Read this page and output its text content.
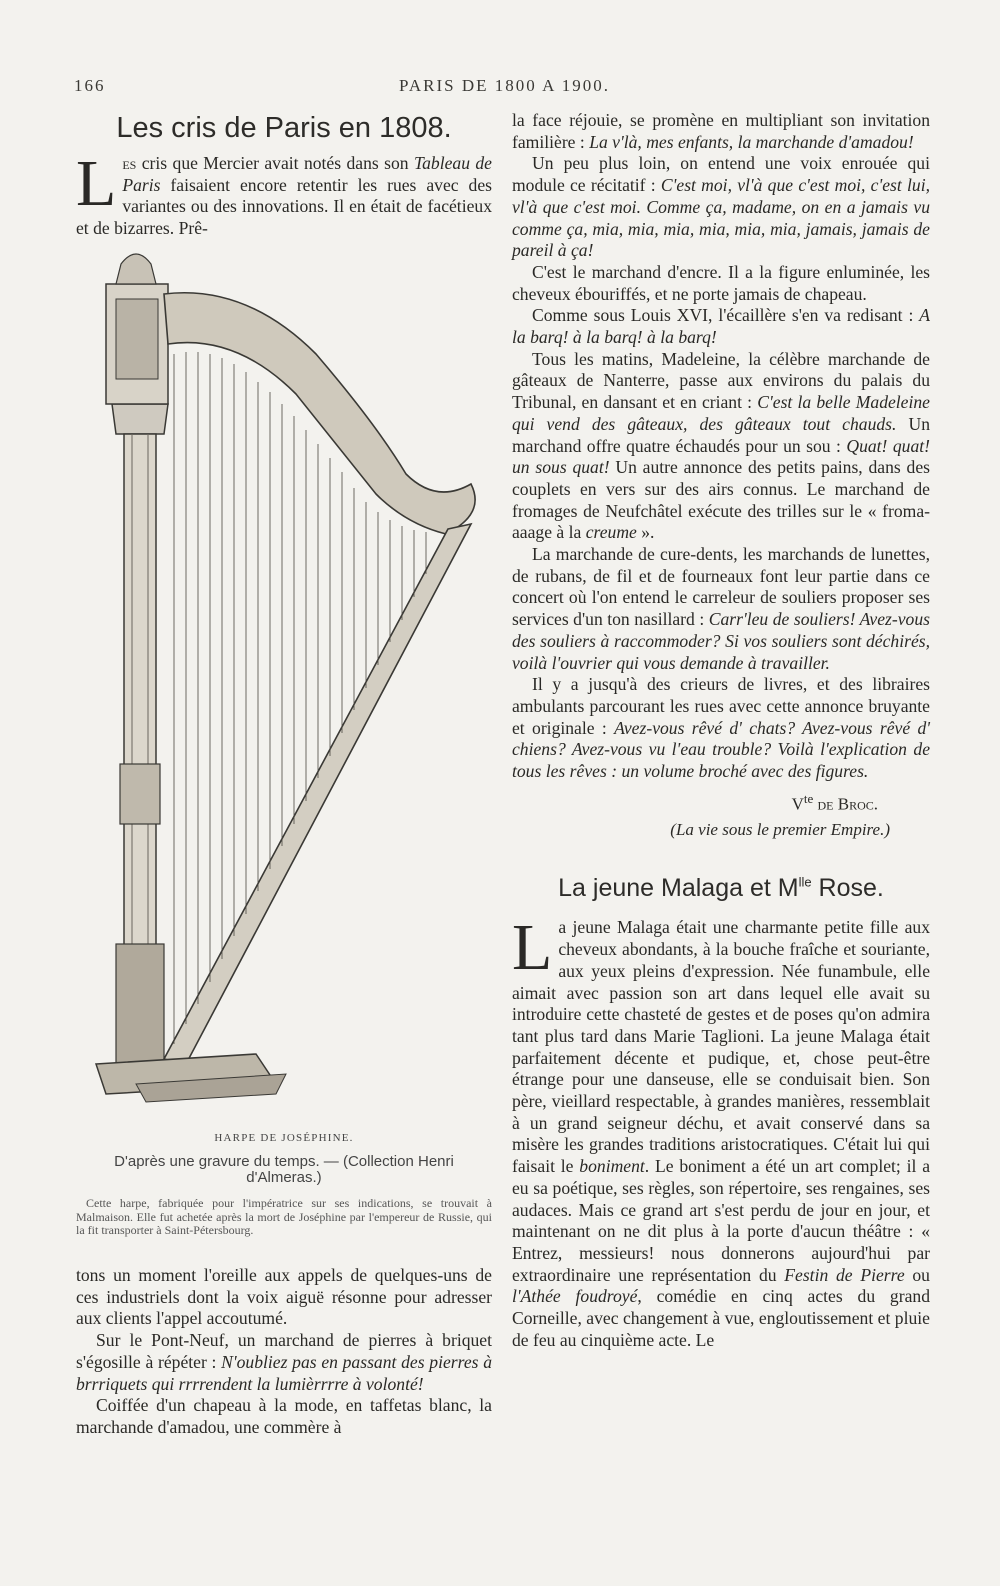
166	PARIS DE 1800 A 1900.
Les cris de Paris en 1808.

Les cris que Mercier avait notés dans son Tableau de Paris faisaient encore retentir les rues avec des variantes ou des innovations. Il en était de facétieux et de bizarres. Prê-

HARPE DE JOSÉPHINE.
D'après une gravure du temps. — (Collection Henri d'Almeras.)
Cette harpe, fabriquée pour l'impératrice sur ses indications, se trouvait à Malmaison. Elle fut achetée après la mort de Joséphine par l'empereur de Russie, qui la fit transporter à Saint-Pétersbourg.

tons un moment l'oreille aux appels de quelques-uns de ces industriels dont la voix aiguë résonne pour adresser aux clients l'appel accoutumé.

Sur le Pont-Neuf, un marchand de pierres à briquet s'égosille à répéter : N'oubliez pas en passant des pierres à brrriquets qui rrrrendent la lumièrrrre à volonté!

Coiffée d'un chapeau à la mode, en taffetas blanc, la marchande d'amadou, une commère à

la face réjouie, se promène en multipliant son invitation familière : La v'là, mes enfants, la marchande d'amadou!

Un peu plus loin, on entend une voix enrouée qui module ce récitatif : C'est moi, vl'à que c'est moi, c'est lui, vl'à que c'est moi. Comme ça, madame, on en a jamais vu comme ça, mia, mia, mia, mia, mia, mia, jamais, jamais de pareil à ça!

C'est le marchand d'encre. Il a la figure enluminée, les cheveux ébouriffés, et ne porte jamais de chapeau.

Comme sous Louis XVI, l'écaillère s'en va redisant : A la barq! à la barq! à la barq!

Tous les matins, Madeleine, la célèbre marchande de gâteaux de Nanterre, passe aux environs du palais du Tribunal, en dansant et en criant : C'est la belle Madeleine qui vend des gâteaux, des gâteaux tout chauds. Un marchand offre quatre échaudés pour un sou : Quat! quat! un sous quat! Un autre annonce des petits pains, dans des couplets en vers sur des airs connus. Le marchand de fromages de Neufchâtel exécute des trilles sur le « froma-aaage à la creume ».

La marchande de cure-dents, les marchands de lunettes, de rubans, de fil et de fourneaux font leur partie dans ce concert où l'on entend le carreleur de souliers proposer ses services d'un ton nasillard : Carr'leu de souliers! Avez-vous des souliers à raccommoder? Si vos souliers sont déchirés, voilà l'ouvrier qui vous demande à travailler.

Il y a jusqu'à des crieurs de livres, et des libraires ambulants parcourant les rues avec cette annonce bruyante et originale : Avez-vous rêvé d' chats? Avez-vous rêvé d' chiens? Avez-vous vu l'eau trouble? Voilà l'explication de tous les rêves : un volume broché avec des figures.

$V^{te}$ de Broc.
(La vie sous le premier Empire.)
La jeune Malaga et $M^{lle}$ Rose.

La jeune Malaga était une charmante petite fille aux cheveux abondants, à la bouche fraîche et souriante, aux yeux pleins d'expression. Née funambule, elle aimait avec passion son art dans lequel elle avait su introduire cette chasteté de gestes et de poses qu'on admira tant plus tard dans Marie Taglioni. La jeune Malaga était parfaitement décente et pudique, et, chose peut-être étrange pour une danseuse, elle se conduisait bien. Son père, vieillard respectable, à grandes manières, ressemblait à un grand seigneur déchu, et avait conservé dans sa misère les grandes traditions aristocratiques. C'était lui qui faisait le boniment. Le boniment a été un art complet; il a eu sa poétique, ses règles, son répertoire, ses rengaines, ses audaces. Mais ce grand art s'est perdu de jour en jour, et maintenant on ne dit plus à la porte d'aucun théâtre : « Entrez, messieurs! nous donnerons aujourd'hui par extraordinaire une représentation du Festin de Pierre ou l'Athée foudroyé, comédie en cinq actes du grand Corneille, avec changement à vue, engloutissement et pluie de feu au cinquième acte. Le
